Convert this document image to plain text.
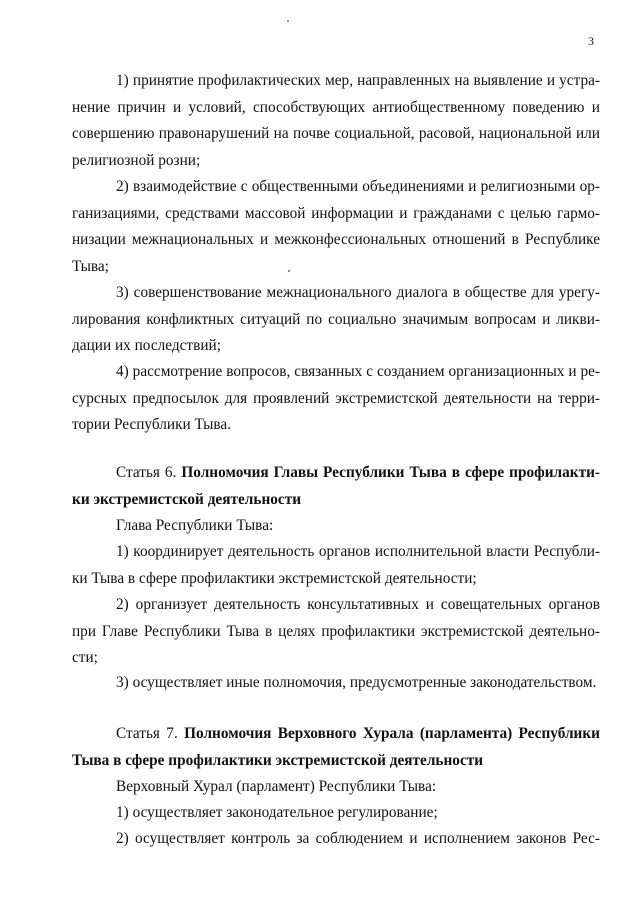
3

1) принятие профилактических мер, направленных на выявление и устра-
нение причин и условий, способствующих антиобщественному поведению и
совершению правонарушений на почве социальной, расовой, национальной или
религиозной розни;

2) взаимодействие с общественными объединениями и религиозными ор-
ганизациями, средствами массовой информации и гражданами с целью гармо-
низации межнациональных и межконфессиональных отношений в Республике
Тыва;

3) совершенствование межнационального диалога в обществе для урегу-
лирования конфликтных ситуаций по социально значимым вопросам и ликви-
дации их последствий;

4) рассмотрение вопросов, связанных с созданием организационных и ре-
сурсных предпосылок для проявлений экстремистской деятельности на терри-
тории Республики Тыва.

Статья 6. Полномочия Главы Республики Тыва в сфере профилакти-
ки экстремистской деятельности

Глава Республики Тыва:

1) координирует деятельность органов исполнительной власти Республи-
ки Тыва в сфере профилактики экстремистской деятельности;

2) организует деятельность консультативных и совещательных органов
при Главе Республики Тыва в целях профилактики экстремистской деятельно-
сти;

3) осуществляет иные полномочия, предусмотренные законодательством.

Статья 7. Полномочия Верховного Хурала (парламента) Республики
Тыва в сфере профилактики экстремистской деятельности

Верховный Хурал (парламент) Республики Тыва:

1) осуществляет законодательное регулирование;

2) осуществляет контроль за соблюдением и исполнением законов Рес-
